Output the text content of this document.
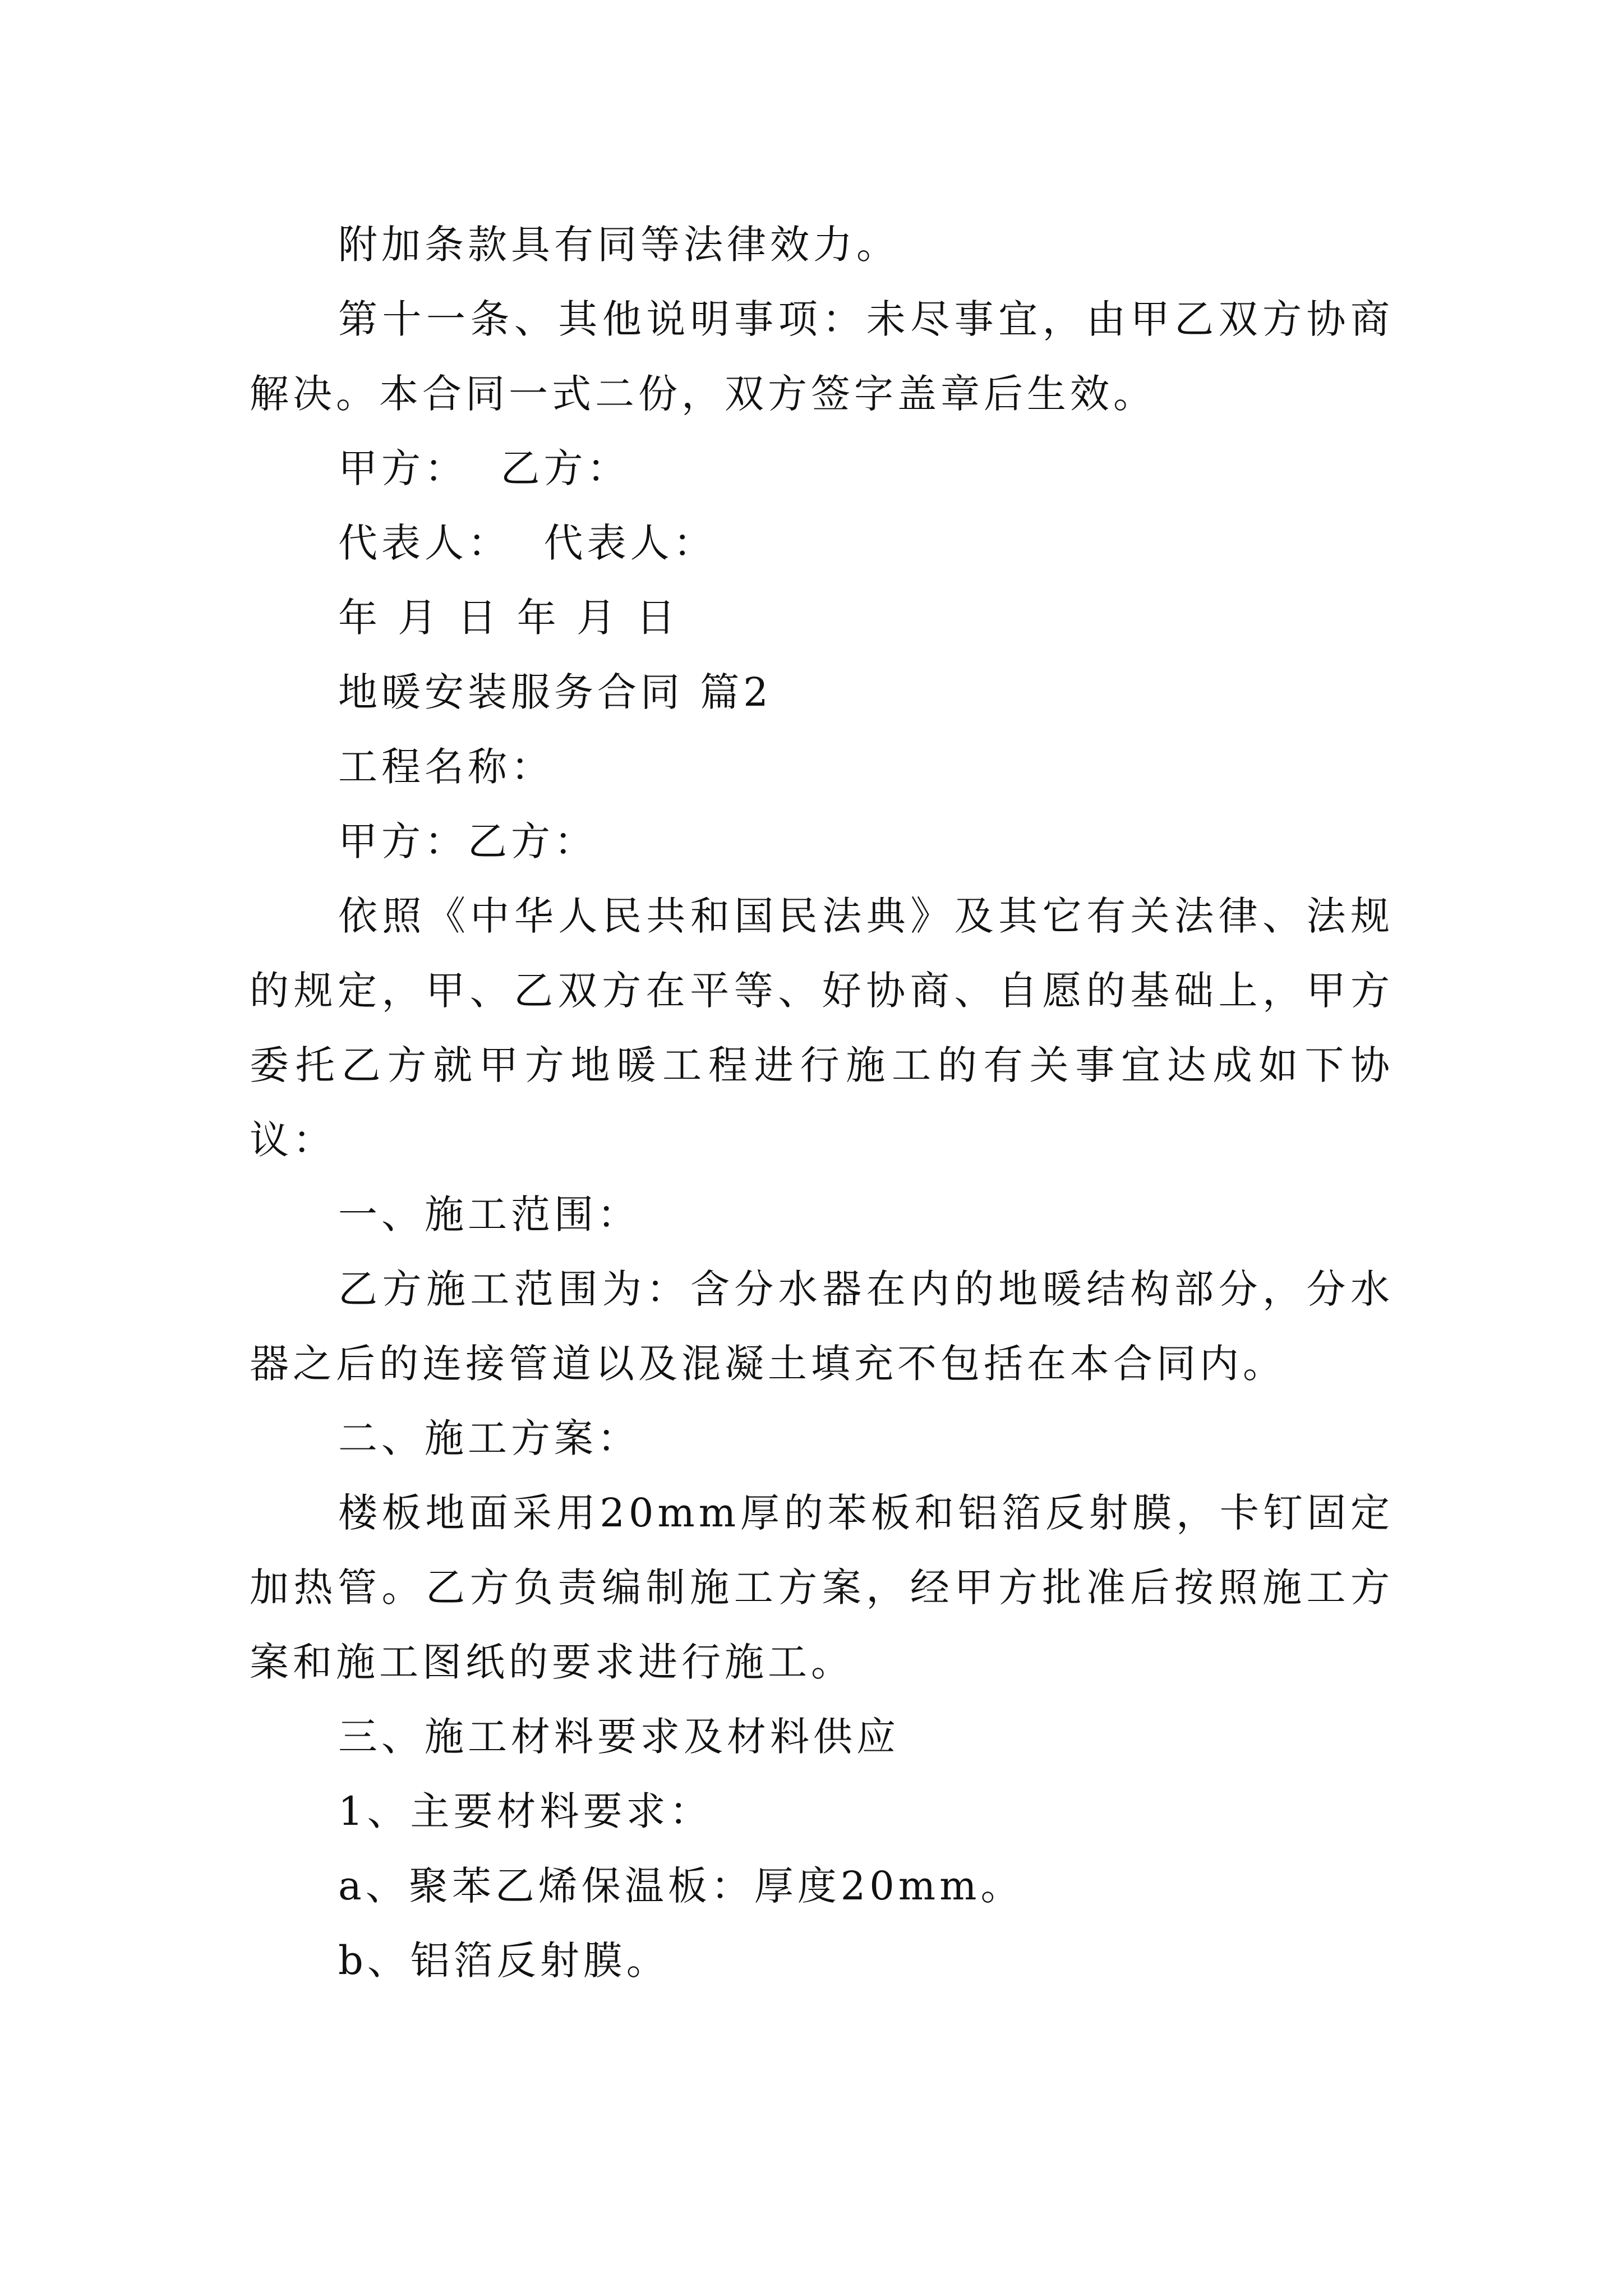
附加条款具有同等法律效力。

第十一条、其他说明事项：未尽事宜，由甲乙双方协商解决。本合同一式二份，双方签字盖章后生效。

甲方：  乙方：

代表人：  代表人：

年 月 日 年 月 日

地暖安装服务合同 篇2

工程名称：

甲方：乙方：

依照《中华人民共和国民法典》及其它有关法律、法规的规定，甲、乙双方在平等、好协商、自愿的基础上，甲方委托乙方就甲方地暖工程进行施工的有关事宜达成如下协议：

一、施工范围：

乙方施工范围为：含分水器在内的地暖结构部分，分水器之后的连接管道以及混凝土填充不包括在本合同内。

二、施工方案：

楼板地面采用20mm厚的苯板和铝箔反射膜，卡钉固定加热管。乙方负责编制施工方案，经甲方批准后按照施工方案和施工图纸的要求进行施工。

三、施工材料要求及材料供应

1、主要材料要求：

a、聚苯乙烯保温板：厚度20mm。

b、铝箔反射膜。
